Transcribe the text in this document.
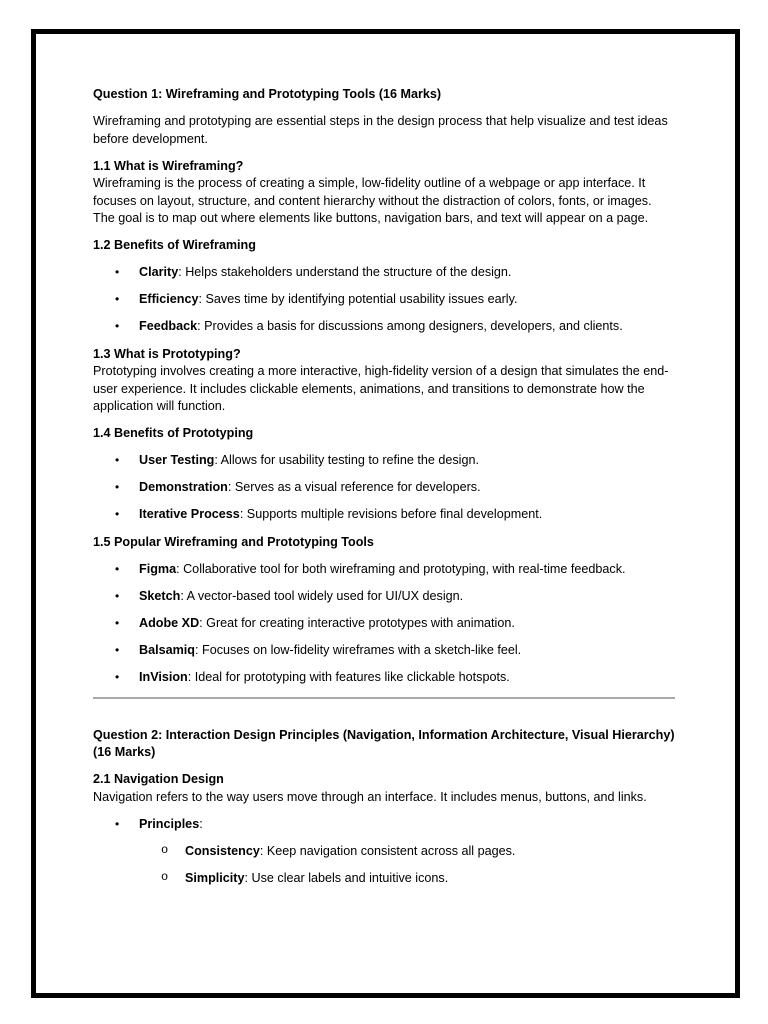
Question 1: Wireframing and Prototyping Tools (16 Marks)

Wireframing and prototyping are essential steps in the design process that help visualize and test ideas before development.

1.1 What is Wireframing?

Wireframing is the process of creating a simple, low-fidelity outline of a webpage or app interface. It focuses on layout, structure, and content hierarchy without the distraction of colors, fonts, or images. The goal is to map out where elements like buttons, navigation bars, and text will appear on a page.

1.2 Benefits of Wireframing

• Clarity: Helps stakeholders understand the structure of the design.
• Efficiency: Saves time by identifying potential usability issues early.
• Feedback: Provides a basis for discussions among designers, developers, and clients.

1.3 What is Prototyping?

Prototyping involves creating a more interactive, high-fidelity version of a design that simulates the end-user experience. It includes clickable elements, animations, and transitions to demonstrate how the application will function.

1.4 Benefits of Prototyping

• User Testing: Allows for usability testing to refine the design.
• Demonstration: Serves as a visual reference for developers.
• Iterative Process: Supports multiple revisions before final development.

1.5 Popular Wireframing and Prototyping Tools

• Figma: Collaborative tool for both wireframing and prototyping, with real-time feedback.
• Sketch: A vector-based tool widely used for UI/UX design.
• Adobe XD: Great for creating interactive prototypes with animation.
• Balsamiq: Focuses on low-fidelity wireframes with a sketch-like feel.
• InVision: Ideal for prototyping with features like clickable hotspots.

Question 2: Interaction Design Principles (Navigation, Information Architecture, Visual Hierarchy) (16 Marks)

2.1 Navigation Design

Navigation refers to the way users move through an interface. It includes menus, buttons, and links.

• Principles:
o Consistency: Keep navigation consistent across all pages.
o Simplicity: Use clear labels and intuitive icons.
